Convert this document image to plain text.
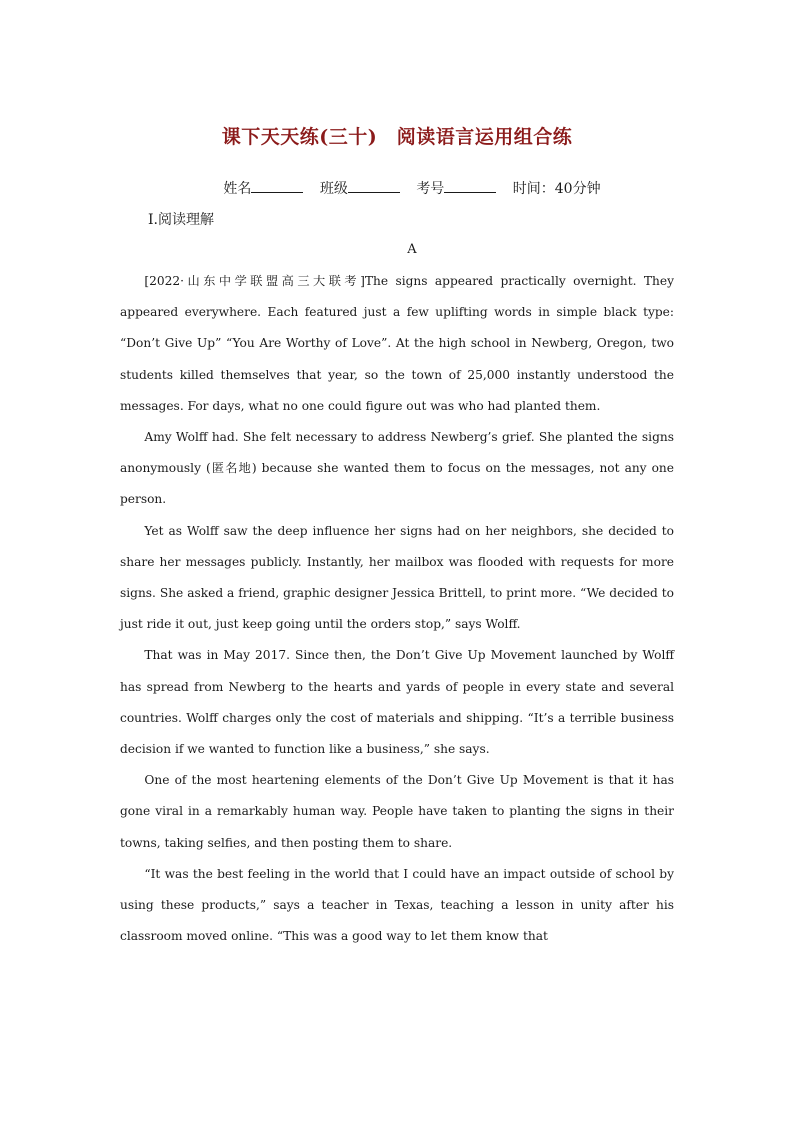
课下天天练(三十)　阅读语言运用组合练
姓名	班级	考号	时间：40分钟
Ⅰ.阅读理解
A

[2022·山东中学联盟高三大联考]The signs appeared practically overnight. They appeared everywhere. Each featured just a few uplifting words in simple black type: “Don’t Give Up” “You Are Worthy of Love”. At the high school in Newberg, Oregon, two students killed themselves that year, so the town of 25,000 instantly understood the messages. For days, what no one could figure out was who had planted them.

Amy Wolff had. She felt necessary to address Newberg’s grief. She planted the signs anonymously (匿名地) because she wanted them to focus on the messages, not any one person.

Yet as Wolff saw the deep influence her signs had on her neighbors, she decided to share her messages publicly. Instantly, her mailbox was flooded with requests for more signs. She asked a friend, graphic designer Jessica Brittell, to print more. “We decided to just ride it out, just keep going until the orders stop,” says Wolff.

That was in May 2017. Since then, the Don’t Give Up Movement launched by Wolff has spread from Newberg to the hearts and yards of people in every state and several countries. Wolff charges only the cost of materials and shipping. “It’s a terrible business decision if we wanted to function like a business,” she says.

One of the most heartening elements of the Don’t Give Up Movement is that it has gone viral in a remarkably human way. People have taken to planting the signs in their towns, taking selfies, and then posting them to share.

“It was the best feeling in the world that I could have an impact outside of school by using these products,” says a teacher in Texas, teaching a lesson in unity after his classroom moved online. “This was a good way to let them know that
